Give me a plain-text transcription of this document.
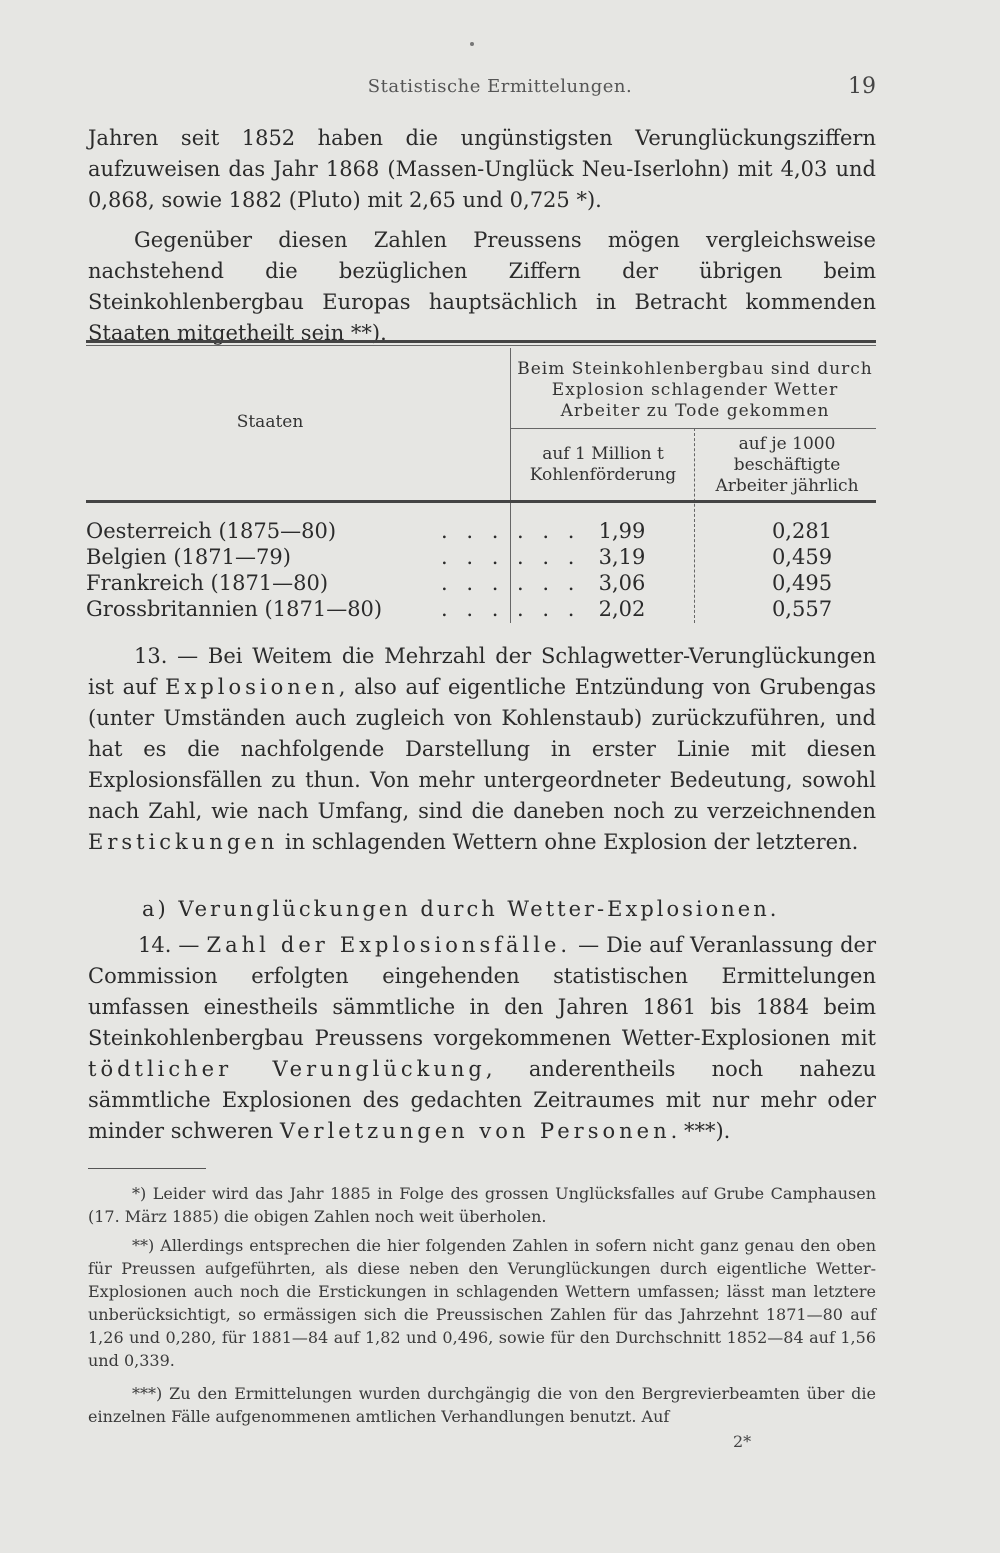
Statistische Ermittelungen.	19
Jahren seit 1852 haben die ungünstigsten Verunglückungsziffern aufzuweisen das Jahr 1868 (Massen-Unglück Neu-Iserlohn) mit 4,03 und 0,868, sowie 1882 (Pluto) mit 2,65 und 0,725 *).
Gegenüber diesen Zahlen Preussens mögen vergleichsweise nachstehend die bezüglichen Ziffern der übrigen beim Steinkohlenbergbau Europas hauptsächlich in Betracht kommenden Staaten mitgetheilt sein **).
Staaten
Beim Steinkohlenbergbau sind durch Explosion schlagender Wetter Arbeiter zu Tode gekommen
auf 1 Million t Kohlenförderung
auf je 1000 beschäftigte Arbeiter jährlich
Oesterreich (1875—80)	. . . . . . 1,99	0,281
Belgien (1871—79)	. . . . . . 3,19	0,459
Frankreich (1871—80)	. . . . . . 3,06	0,495
Grossbritannien (1871—80)	. . . . . . 2,02	0,557
13. — Bei Weitem die Mehrzahl der Schlagwetter-Verunglückungen ist auf Explosionen, also auf eigentliche Entzündung von Grubengas (unter Umständen auch zugleich von Kohlenstaub) zurückzuführen, und hat es die nachfolgende Darstellung in erster Linie mit diesen Explosionsfällen zu thun. Von mehr untergeordneter Bedeutung, sowohl nach Zahl, wie nach Umfang, sind die daneben noch zu verzeichnenden Erstickungen in schlagenden Wettern ohne Explosion der letzteren.
a) Verunglückungen durch Wetter-Explosionen.
14. — Zahl der Explosionsfälle. — Die auf Veranlassung der Commission erfolgten eingehenden statistischen Ermittelungen umfassen einestheils sämmtliche in den Jahren 1861 bis 1884 beim Steinkohlenbergbau Preussens vorgekommenen Wetter-Explosionen mit tödtlicher Verunglückung, anderentheils noch nahezu sämmtliche Explosionen des gedachten Zeitraumes mit nur mehr oder minder schweren Verletzungen von Personen. ***).
*) Leider wird das Jahr 1885 in Folge des grossen Unglücksfalles auf Grube Camphausen (17. März 1885) die obigen Zahlen noch weit überholen.
**) Allerdings entsprechen die hier folgenden Zahlen in sofern nicht ganz genau den oben für Preussen aufgeführten, als diese neben den Verunglückungen durch eigentliche Wetter-Explosionen auch noch die Erstickungen in schlagenden Wettern umfassen; lässt man letztere unberücksichtigt, so ermässigen sich die Preussischen Zahlen für das Jahrzehnt 1871—80 auf 1,26 und 0,280, für 1881—84 auf 1,82 und 0,496, sowie für den Durchschnitt 1852—84 auf 1,56 und 0,339.
***) Zu den Ermittelungen wurden durchgängig die von den Bergrevierbeamten über die einzelnen Fälle aufgenommenen amtlichen Verhandlungen benutzt. Auf
2*
